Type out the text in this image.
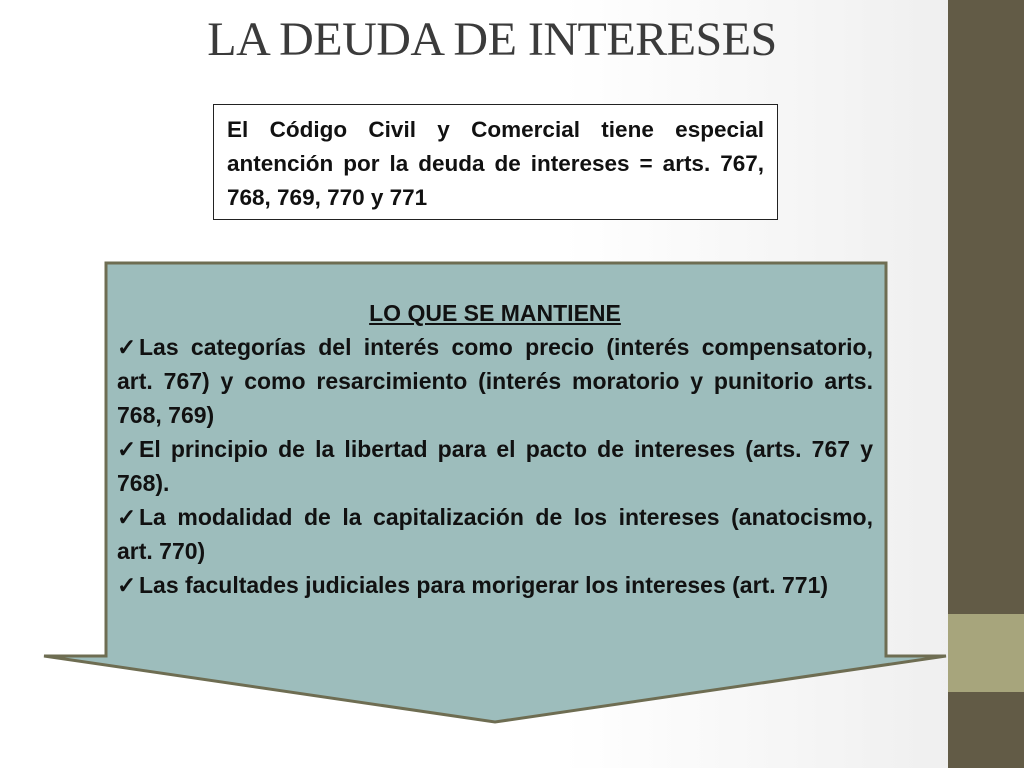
LA DEUDA DE INTERESES

El Código Civil y Comercial tiene especial antención por la deuda de intereses = arts. 767, 768, 769, 770 y 771

LO QUE SE MANTIENE

✓ Las categorías del interés como precio (interés compensatorio, art. 767) y como resarcimiento (interés moratorio y punitorio arts. 768, 769)

✓ El principio de la libertad para el pacto de intereses (arts. 767 y 768).

✓ La modalidad de la capitalización de los intereses (anatocismo, art. 770)

✓ Las facultades judiciales para morigerar los intereses (art. 771)
